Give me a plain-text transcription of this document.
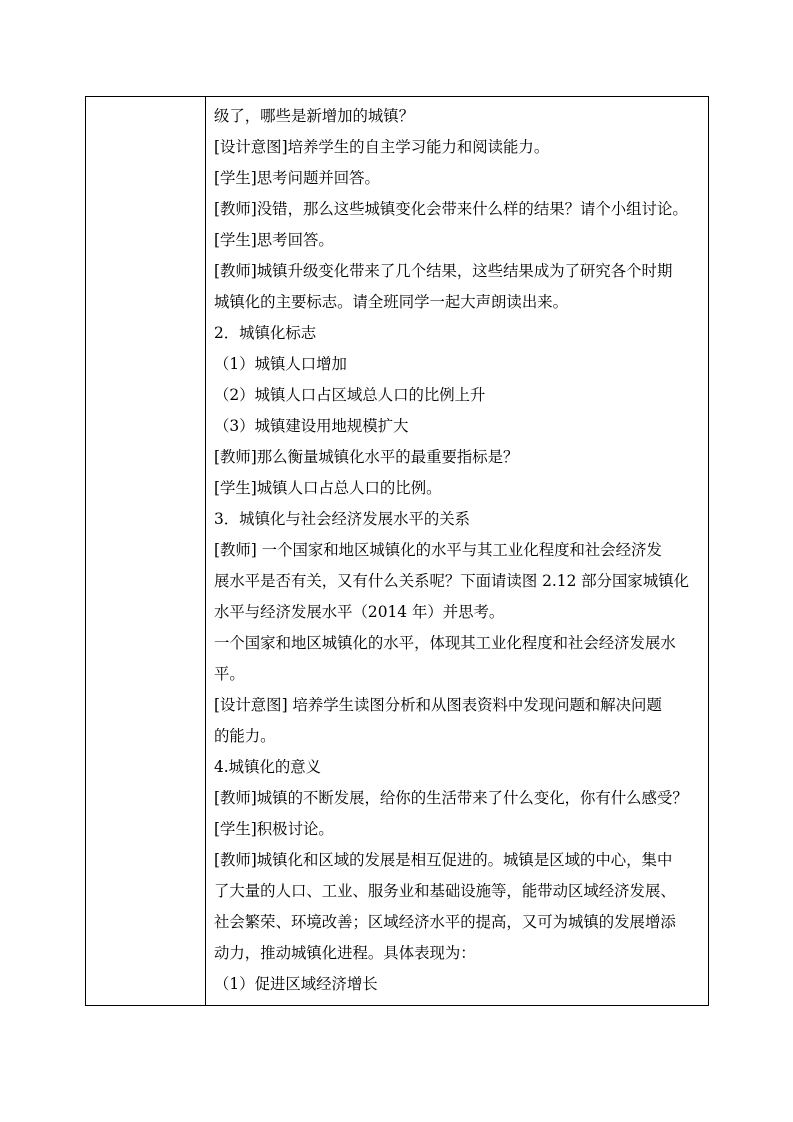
级了，哪些是新增加的城镇？
[设计意图]培养学生的自主学习能力和阅读能力。
[学生]思考问题并回答。
[教师]没错，那么这些城镇变化会带来什么样的结果？请个小组讨论。
[学生]思考回答。
[教师]城镇升级变化带来了几个结果，这些结果成为了研究各个时期
城镇化的主要标志。请全班同学一起大声朗读出来。
2．城镇化标志
（1）城镇人口增加
（2）城镇人口占区域总人口的比例上升
（3）城镇建设用地规模扩大
[教师]那么衡量城镇化水平的最重要指标是？
[学生]城镇人口占总人口的比例。
3．城镇化与社会经济发展水平的关系
[教师] 一个国家和地区城镇化的水平与其工业化程度和社会经济发
展水平是否有关，又有什么关系呢？下面请读图 2.12 部分国家城镇化
水平与经济发展水平（2014 年）并思考。
一个国家和地区城镇化的水平，体现其工业化程度和社会经济发展水
平。
[设计意图] 培养学生读图分析和从图表资料中发现问题和解决问题
的能力。
4.城镇化的意义
[教师]城镇的不断发展，给你的生活带来了什么变化，你有什么感受？
[学生]积极讨论。
[教师]城镇化和区域的发展是相互促进的。城镇是区域的中心，集中
了大量的人口、工业、服务业和基础设施等，能带动区域经济发展、
社会繁荣、环境改善；区域经济水平的提高，又可为城镇的发展增添
动力，推动城镇化进程。具体表现为：
（1）促进区域经济增长
